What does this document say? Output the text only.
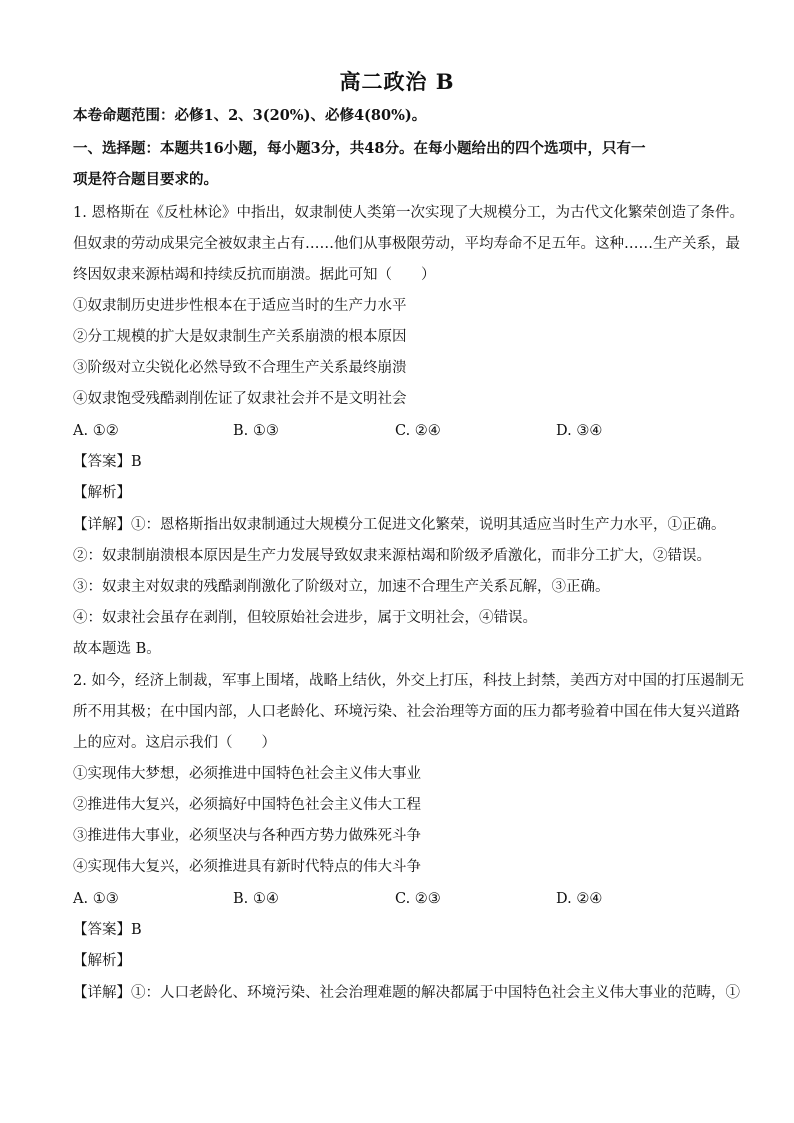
高二政治 B
本卷命题范围：必修1、2、3(20%)、必修4(80%)。
一、选择题：本题共16小题，每小题3分，共48分。在每小题给出的四个选项中，只有一
项是符合题目要求的。
1. 恩格斯在《反杜林论》中指出，奴隶制使人类第一次实现了大规模分工，为古代文化繁荣创造了条件。
但奴隶的劳动成果完全被奴隶主占有……他们从事极限劳动，平均寿命不足五年。这种……生产关系，最
终因奴隶来源枯竭和持续反抗而崩溃。据此可知（　　）
①奴隶制历史进步性根本在于适应当时的生产力水平
②分工规模的扩大是奴隶制生产关系崩溃的根本原因
③阶级对立尖锐化必然导致不合理生产关系最终崩溃
④奴隶饱受残酷剥削佐证了奴隶社会并不是文明社会
A. ①②	B. ①③	C. ②④	D. ③④
【答案】B
【解析】
【详解】①：恩格斯指出奴隶制通过大规模分工促进文化繁荣，说明其适应当时生产力水平，①正确。
②：奴隶制崩溃根本原因是生产力发展导致奴隶来源枯竭和阶级矛盾激化，而非分工扩大，②错误。
③：奴隶主对奴隶的残酷剥削激化了阶级对立，加速不合理生产关系瓦解，③正确。
④：奴隶社会虽存在剥削，但较原始社会进步，属于文明社会，④错误。
故本题选 B。
2. 如今，经济上制裁，军事上围堵，战略上结伙，外交上打压，科技上封禁，美西方对中国的打压遏制无
所不用其极；在中国内部，人口老龄化、环境污染、社会治理等方面的压力都考验着中国在伟大复兴道路
上的应对。这启示我们（　　）
①实现伟大梦想，必须推进中国特色社会主义伟大事业
②推进伟大复兴，必须搞好中国特色社会主义伟大工程
③推进伟大事业，必须坚决与各种西方势力做殊死斗争
④实现伟大复兴，必须推进具有新时代特点的伟大斗争
A. ①③	B. ①④	C. ②③	D. ②④
【答案】B
【解析】
【详解】①：人口老龄化、环境污染、社会治理难题的解决都属于中国特色社会主义伟大事业的范畴，①
